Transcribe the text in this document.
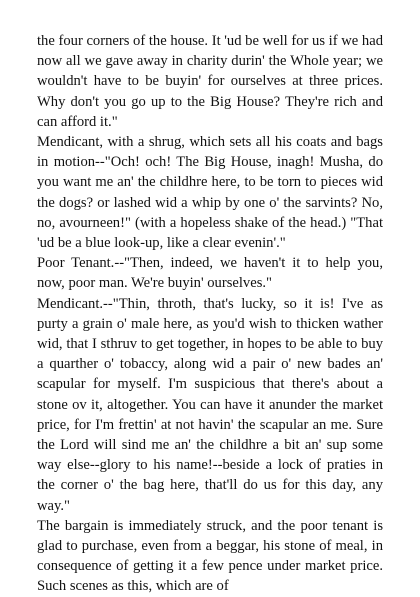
the four corners of the house. It 'ud be well for us if we had now all we gave away in charity durin' the Whole year; we wouldn't have to be buyin' for ourselves at three prices. Why don't you go up to the Big House? They're rich and can afford it."

Mendicant, with a shrug, which sets all his coats and bags in motion--"Och! och! The Big House, inagh! Musha, do you want me an' the childhre here, to be torn to pieces wid the dogs? or lashed wid a whip by one o' the sarvints? No, no, avourneen!" (with a hopeless shake of the head.) "That 'ud be a blue look-up, like a clear evenin'."

Poor Tenant.--"Then, indeed, we haven't it to help you, now, poor man. We're buyin' ourselves."

Mendicant.--"Thin, throth, that's lucky, so it is! I've as purty a grain o' male here, as you'd wish to thicken wather wid, that I sthruv to get together, in hopes to be able to buy a quarther o' tobaccy, along wid a pair o' new bades an' scapular for myself. I'm suspicious that there's about a stone ov it, altogether. You can have it anunder the market price, for I'm frettin' at not havin' the scapular an me. Sure the Lord will sind me an' the childhre a bit an' sup some way else--glory to his name!--beside a lock of praties in the corner o' the bag here, that'll do us for this day, any way."

The bargain is immediately struck, and the poor tenant is glad to purchase, even from a beggar, his stone of meal, in consequence of getting it a few pence under market price. Such scenes as this, which are of
